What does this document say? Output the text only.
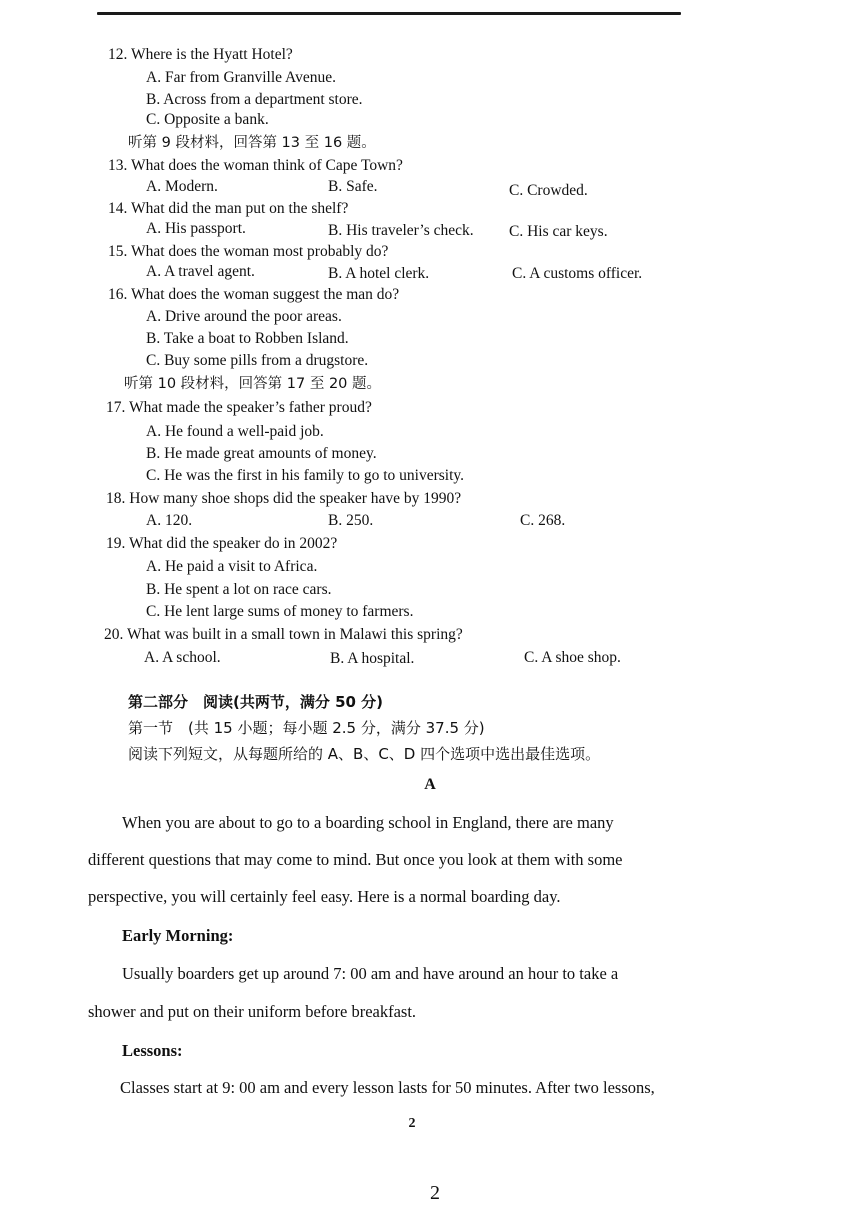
12. Where is the Hyatt Hotel?
A. Far from Granville Avenue.
B. Across from a department store.
C. Opposite a bank.
听第 9 段材料，回答第 13 至 16 题。
13. What does the woman think of Cape Town?
A. Modern.	B. Safe.	C. Crowded.
14. What did the man put on the shelf?
A. His passport.	B. His traveler’s check. C. His car keys.
15. What does the woman most probably do?
A. A travel agent.	B. A hotel clerk.	C. A customs officer.
16. What does the woman suggest the man do?
A. Drive around the poor areas.
B. Take a boat to Robben Island.
C. Buy some pills from a drugstore.
听第 10 段材料，回答第 17 至 20 题。
17. What made the speaker’s father proud?
A. He found a well-paid job.
B. He made great amounts of money.
C. He was the first in his family to go to university.
18. How many shoe shops did the speaker have by 1990?
A. 120.	B. 250.	C. 268.
19. What did the speaker do in 2002?
A. He paid a visit to Africa.
B. He spent a lot on race cars.
C. He lent large sums of money to farmers.
20. What was built in a small town in Malawi this spring?
A. A school.	B. A hospital.	C. A shoe shop.
第二部分　阅读(共两节，满分 50 分)
第一节　(共 15 小题；每小题 2.5 分，满分 37.5 分)
阅读下列短文，从每题所给的 A、B、C、D 四个选项中选出最佳选项。
A
When you are about to go to a boarding school in England, there are many
different questions that may come to mind. But once you look at them with some
perspective, you will certainly feel easy. Here is a normal boarding day.
Early Morning:
Usually boarders get up around 7: 00 am and have around an hour to take a
shower and put on their uniform before breakfast.
Lessons:
Classes start at 9: 00 am and every lesson lasts for 50 minutes. After two lessons,
2
2
